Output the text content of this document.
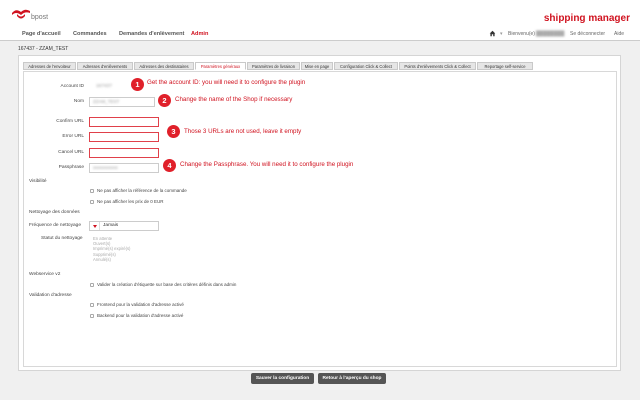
bpost	shipping manager
Page d'accueil Commandes Demandes d'enlèvement Admin	▾ Bienvenu(e) ████████ Se déconnecter Aide
167437 - ZZAM_TEST
Adresses de l'envoiteur	Adresses d'enlèvements	Adresses des destinataires	Paramètres généraux	Paramètres de livraison	Mise en page	Configuration Click & Collect	Points d'enlèvements Click & Collect	Reportage self-service
Account ID	167437
Nom	ZZAM_TEST
Confirm URL
Error URL
Cancel URL
Passphrase	xxxxxxxxxxx
Visibilité
Ne pas afficher la référence de la commande
Ne pas afficher les prix de 0 EUR
Nettoyage des données
Fréquence de nettoyage	Jamais
Statut du nettoyage En attente
Ouvert(s)
Imprimé(s) expiré(s)
Supprimé(s)
Annulé(s)
Webservice v2
Valider la création d'étiquette sur base des critères définis dans admin
Validation d'adresse
Frontend pour la validation d'adresse activé
Backend pour la validation d'adresse activé
1	Get the account ID: you will need it to configure the plugin
2	Change the name of the Shop if necessary
3	Those 3 URLs are not used, leave it empty
4	Change the Passphrase. You will need it to configure the plugin
Sauver la configuration	Retour à l'aperçu du shop
